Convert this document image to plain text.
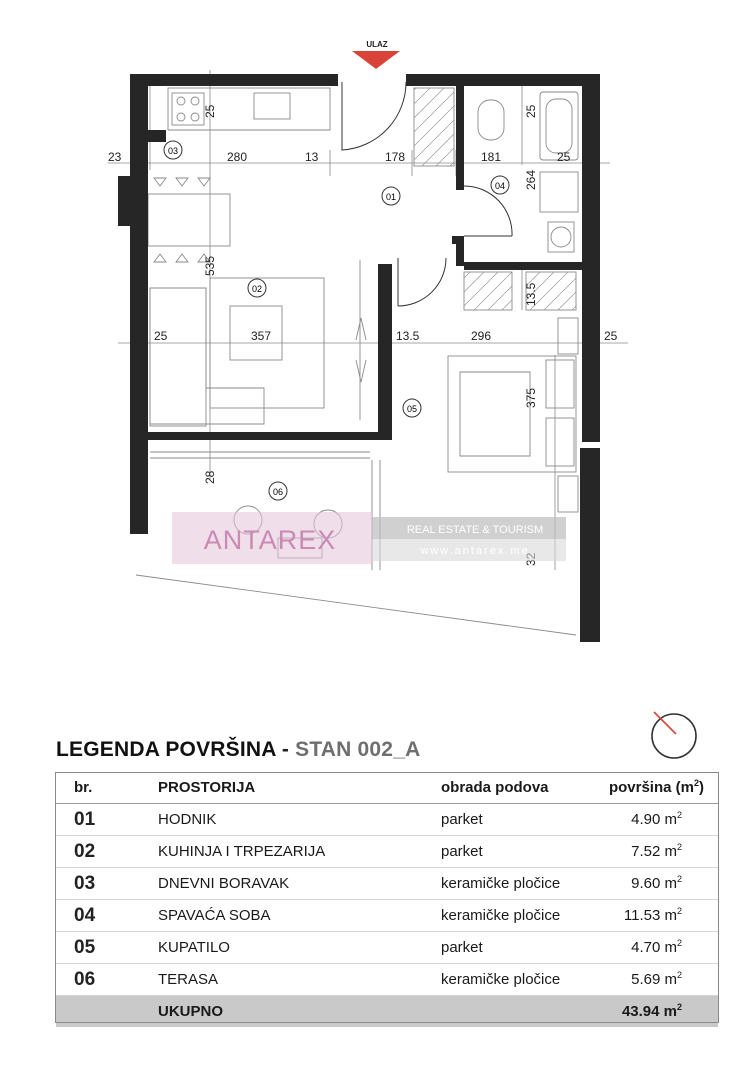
ULAZ
01
02
03
04
05
06
23	280	13	178	181	25
25	357	13.5	296	25
25	25
535
264
13.5
375
28
ANTAREX	REAL ESTATE & TOURISM
www.antarex.me
LEGENDA POVRŠINA - STAN 002_A
br.	PROSTORIJA	obrada podova	površina $(m^2)$
01	HODNIK	parket	4.90 $m^2$
02	KUHINJA I TRPEZARIJA	parket	7.52 $m^2$
03	DNEVNI BORAVAK	keramičke pločice	9.60 $m^2$
04	SPAVAĆA SOBA	keramičke pločice	11.53 $m^2$
05	KUPATILO	parket	4.70 $m^2$
06	TERASA	keramičke pločice	5.69 $m^2$
	UKUPNO		43.94 $m^2$
